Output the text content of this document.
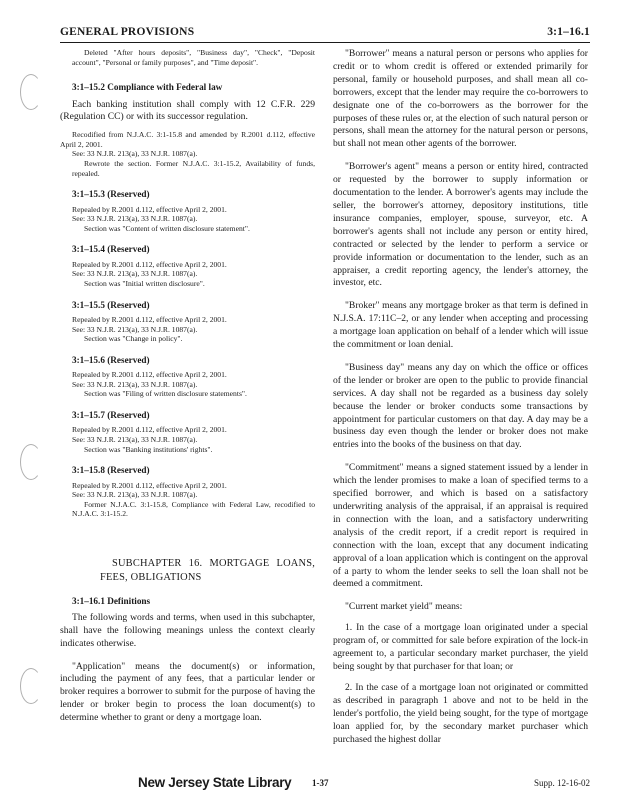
GENERAL PROVISIONS	3:1–16.1

Deleted "After hours deposits", "Business day", "Check", "Deposit account", "Personal or family purposes", and "Time deposit".

3:1–15.2 Compliance with Federal law

Each banking institution shall comply with 12 C.F.R. 229 (Regulation CC) or with its successor regulation.

Recodified from N.J.A.C. 3:1-15.8 and amended by R.2001 d.112, effective April 2, 2001.

See: 33 N.J.R. 213(a), 33 N.J.R. 1087(a).

Rewrote the section. Former N.J.A.C. 3:1-15.2, Availability of funds, repealed.

3:1–15.3 (Reserved)

Repealed by R.2001 d.112, effective April 2, 2001.

See: 33 N.J.R. 213(a), 33 N.J.R. 1087(a).

Section was "Content of written disclosure statement".

3:1–15.4 (Reserved)

Repealed by R.2001 d.112, effective April 2, 2001.

See: 33 N.J.R. 213(a), 33 N.J.R. 1087(a).

Section was "Initial written disclosure".

3:1–15.5 (Reserved)

Repealed by R.2001 d.112, effective April 2, 2001.

See: 33 N.J.R. 213(a), 33 N.J.R. 1087(a).

Section was "Change in policy".

3:1–15.6 (Reserved)

Repealed by R.2001 d.112, effective April 2, 2001.

See: 33 N.J.R. 213(a), 33 N.J.R. 1087(a).

Section was "Filing of written disclosure statements".

3:1–15.7 (Reserved)

Repealed by R.2001 d.112, effective April 2, 2001.

See: 33 N.J.R. 213(a), 33 N.J.R. 1087(a).

Section was "Banking institutions' rights".

3:1–15.8 (Reserved)

Repealed by R.2001 d.112, effective April 2, 2001.

See: 33 N.J.R. 213(a), 33 N.J.R. 1087(a).

Former N.J.A.C. 3:1-15.8, Compliance with Federal Law, recodified to N.J.A.C. 3:1-15.2.

SUBCHAPTER 16. MORTGAGE LOANS, FEES, OBLIGATIONS

3:1–16.1 Definitions

The following words and terms, when used in this subchapter, shall have the following meanings unless the context clearly indicates otherwise.

"Application" means the document(s) or information, including the payment of any fees, that a particular lender or broker requires a borrower to submit for the purpose of having the lender or broker begin to process the loan document(s) to determine whether to grant or deny a mortgage loan.

"Borrower" means a natural person or persons who applies for credit or to whom credit is offered or extended primarily for personal, family or household purposes, and shall mean all co-borrowers, except that the lender may require the co-borrowers to designate one of the co-borrowers as the borrower for the purposes of these rules or, at the election of such natural person or persons, shall mean the attorney for the natural person or persons, but shall not mean other agents of the borrower.

"Borrower's agent" means a person or entity hired, contracted or requested by the borrower to supply information or documentation to the lender. A borrower's agents may include the seller, the borrower's attorney, depository institutions, title insurance companies, employer, spouse, surveyor, etc. A borrower's agents shall not include any person or entity hired, contracted or selected by the lender to perform a service or provide information or documentation to the lender, such as an appraiser, a credit reporting agency, the lender's attorney, the investor, etc.

"Broker" means any mortgage broker as that term is defined in N.J.S.A. 17:11C–2, or any lender when accepting and processing a mortgage loan application on behalf of a lender which will issue the commitment or loan denial.

"Business day" means any day on which the office or offices of the lender or broker are open to the public to provide financial services. A day shall not be regarded as a business day solely because the lender or broker conducts some transactions by appointment for particular customers on that day. A day may be a business day even though the lender or broker does not make entries into the books of the business on that day.

"Commitment" means a signed statement issued by a lender in which the lender promises to make a loan of specified terms to a specified borrower, and which is based on a satisfactory underwriting analysis of the appraisal, if an appraisal is required in connection with the loan, and a satisfactory underwriting analysis of the credit report, if a credit report is required in connection with the loan, except that any document indicating approval of a loan application which is contingent on the approval of a party to whom the lender seeks to sell the loan shall not be deemed a commitment.

"Current market yield" means:

1. In the case of a mortgage loan originated under a special program of, or committed for sale before expiration of the lock-in agreement to, a particular secondary market purchaser, the yield being sought by that purchaser for that loan; or

2. In the case of a mortgage loan not originated or committed as described in paragraph 1 above and not to be held in the lender's portfolio, the yield being sought, for the type of mortgage loan applied for, by the secondary market purchaser which purchased the highest dollar

New Jersey State Library 1-37	Supp. 12-16-02
